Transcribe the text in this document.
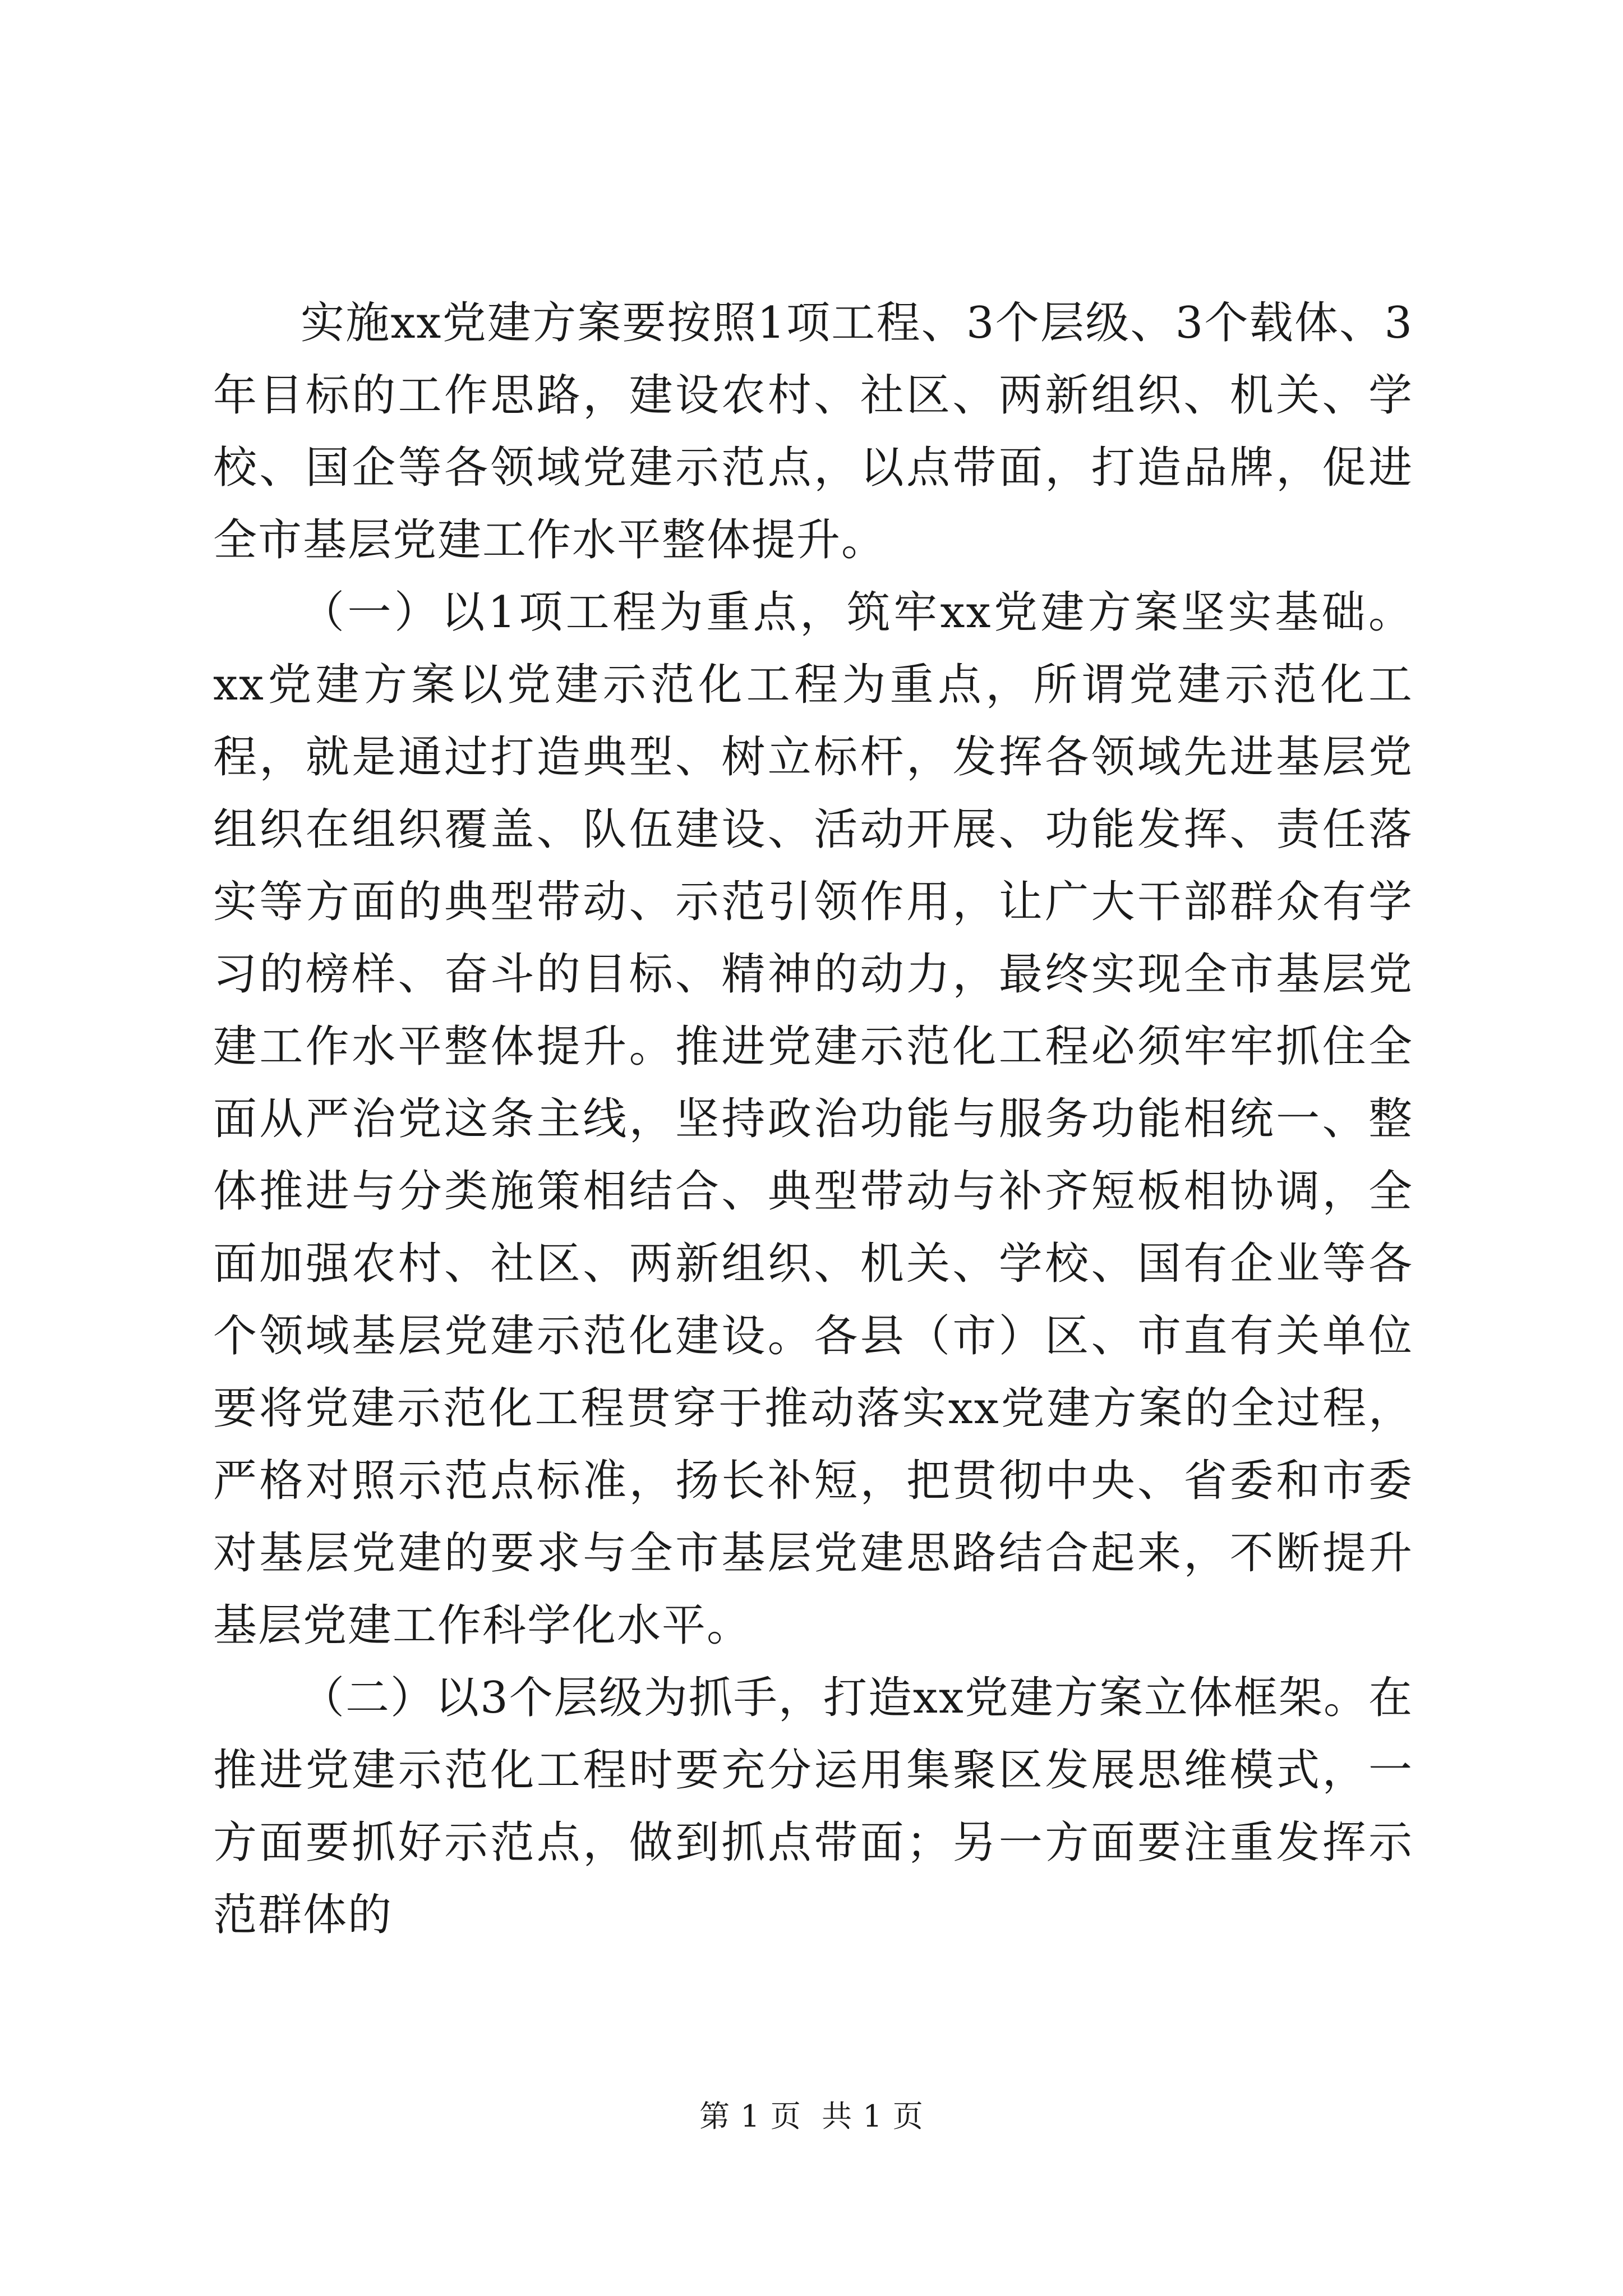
实施xx党建方案要按照1项工程、3个层级、3个载体、3年目标的工作思路，建设农村、社区、两新组织、机关、学校、国企等各领域党建示范点，以点带面，打造品牌，促进全市基层党建工作水平整体提升。

（一）以1项工程为重点，筑牢xx党建方案坚实基础。xx党建方案以党建示范化工程为重点，所谓党建示范化工程，就是通过打造典型、树立标杆，发挥各领域先进基层党组织在组织覆盖、队伍建设、活动开展、功能发挥、责任落实等方面的典型带动、示范引领作用，让广大干部群众有学习的榜样、奋斗的目标、精神的动力，最终实现全市基层党建工作水平整体提升。推进党建示范化工程必须牢牢抓住全面从严治党这条主线，坚持政治功能与服务功能相统一、整体推进与分类施策相结合、典型带动与补齐短板相协调，全面加强农村、社区、两新组织、机关、学校、国有企业等各个领域基层党建示范化建设。各县（市）区、市直有关单位要将党建示范化工程贯穿于推动落实xx党建方案的全过程，严格对照示范点标准，扬长补短，把贯彻中央、省委和市委对基层党建的要求与全市基层党建思路结合起来，不断提升基层党建工作科学化水平。

（二）以3个层级为抓手，打造xx党建方案立体框架。在推进党建示范化工程时要充分运用集聚区发展思维模式，一方面要抓好示范点，做到抓点带面；另一方面要注重发挥示范群体的

第 1 页  共 1 页
